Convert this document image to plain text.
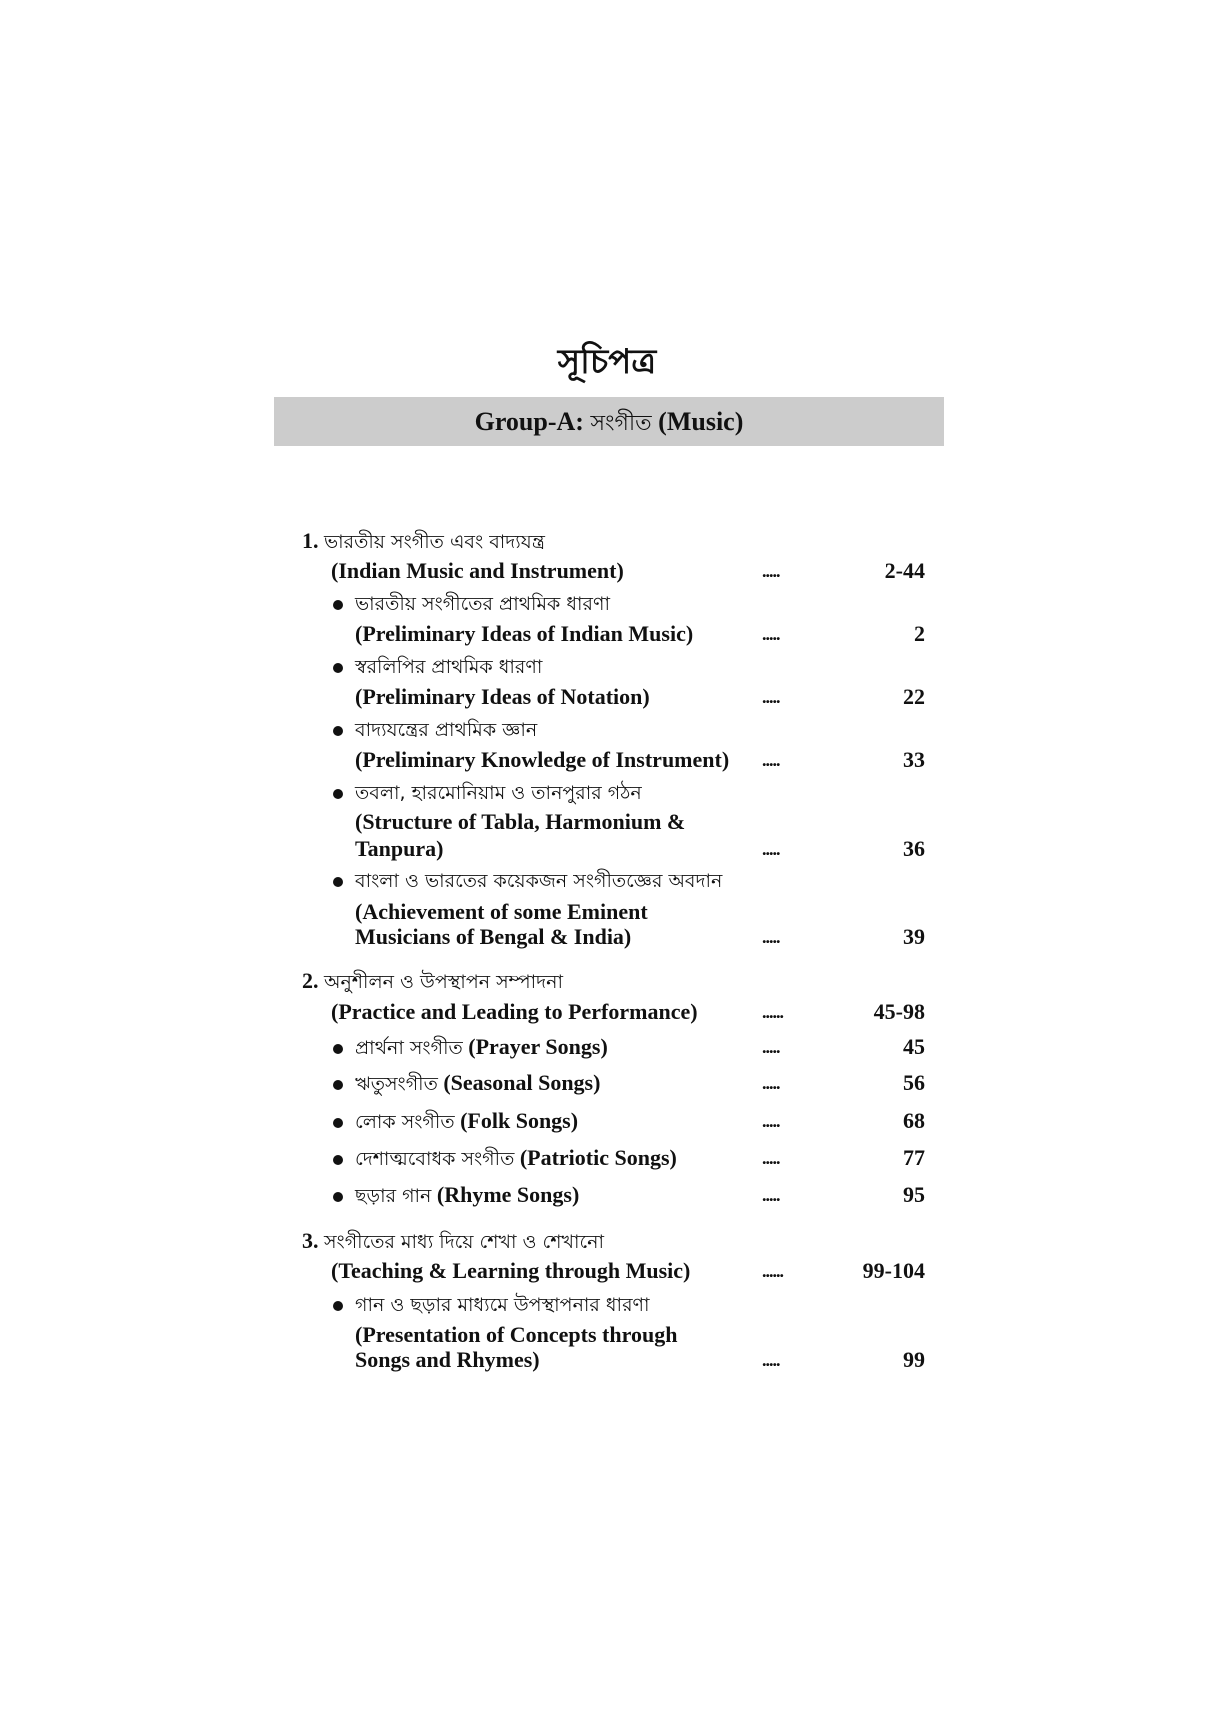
সূচিপত্র
Group-A: সংগীত (Music)
1. ভারতীয় সংগীত এবং বাদ্যযন্ত্র
(Indian Music and Instrument)	.....	2-44
ভারতীয় সংগীতের প্রাথমিক ধারণা
(Preliminary Ideas of Indian Music)	.....	2
স্বরলিপির প্রাথমিক ধারণা
(Preliminary Ideas of Notation)	.....	22
বাদ্যযন্ত্রের প্রাথমিক জ্ঞান
(Preliminary Knowledge of Instrument) .....	33
তবলা, হারমোনিয়াম ও তানপুরার গঠন
(Structure of Tabla, Harmonium &
Tanpura)	.....	36
বাংলা ও ভারতের কয়েকজন সংগীতজ্ঞের অবদান
(Achievement of some Eminent
Musicians of Bengal & India)	.....	39
2. অনুশীলন ও উপস্থাপন সম্পাদনা
(Practice and Leading to Performance)	......	45-98
প্রার্থনা সংগীত (Prayer Songs)	.....	45
ঋতুসংগীত (Seasonal Songs)	.....	56
লোক সংগীত (Folk Songs)	.....	68
দেশাত্মবোধক সংগীত (Patriotic Songs)	.....	77
ছড়ার গান (Rhyme Songs)	.....	95
3. সংগীতের মাধ্য দিয়ে শেখা ও শেখানো
(Teaching & Learning through Music)	......	99-104
গান ও ছড়ার মাধ্যমে উপস্থাপনার ধারণা
(Presentation of Concepts through
Songs and Rhymes)	.....	99
